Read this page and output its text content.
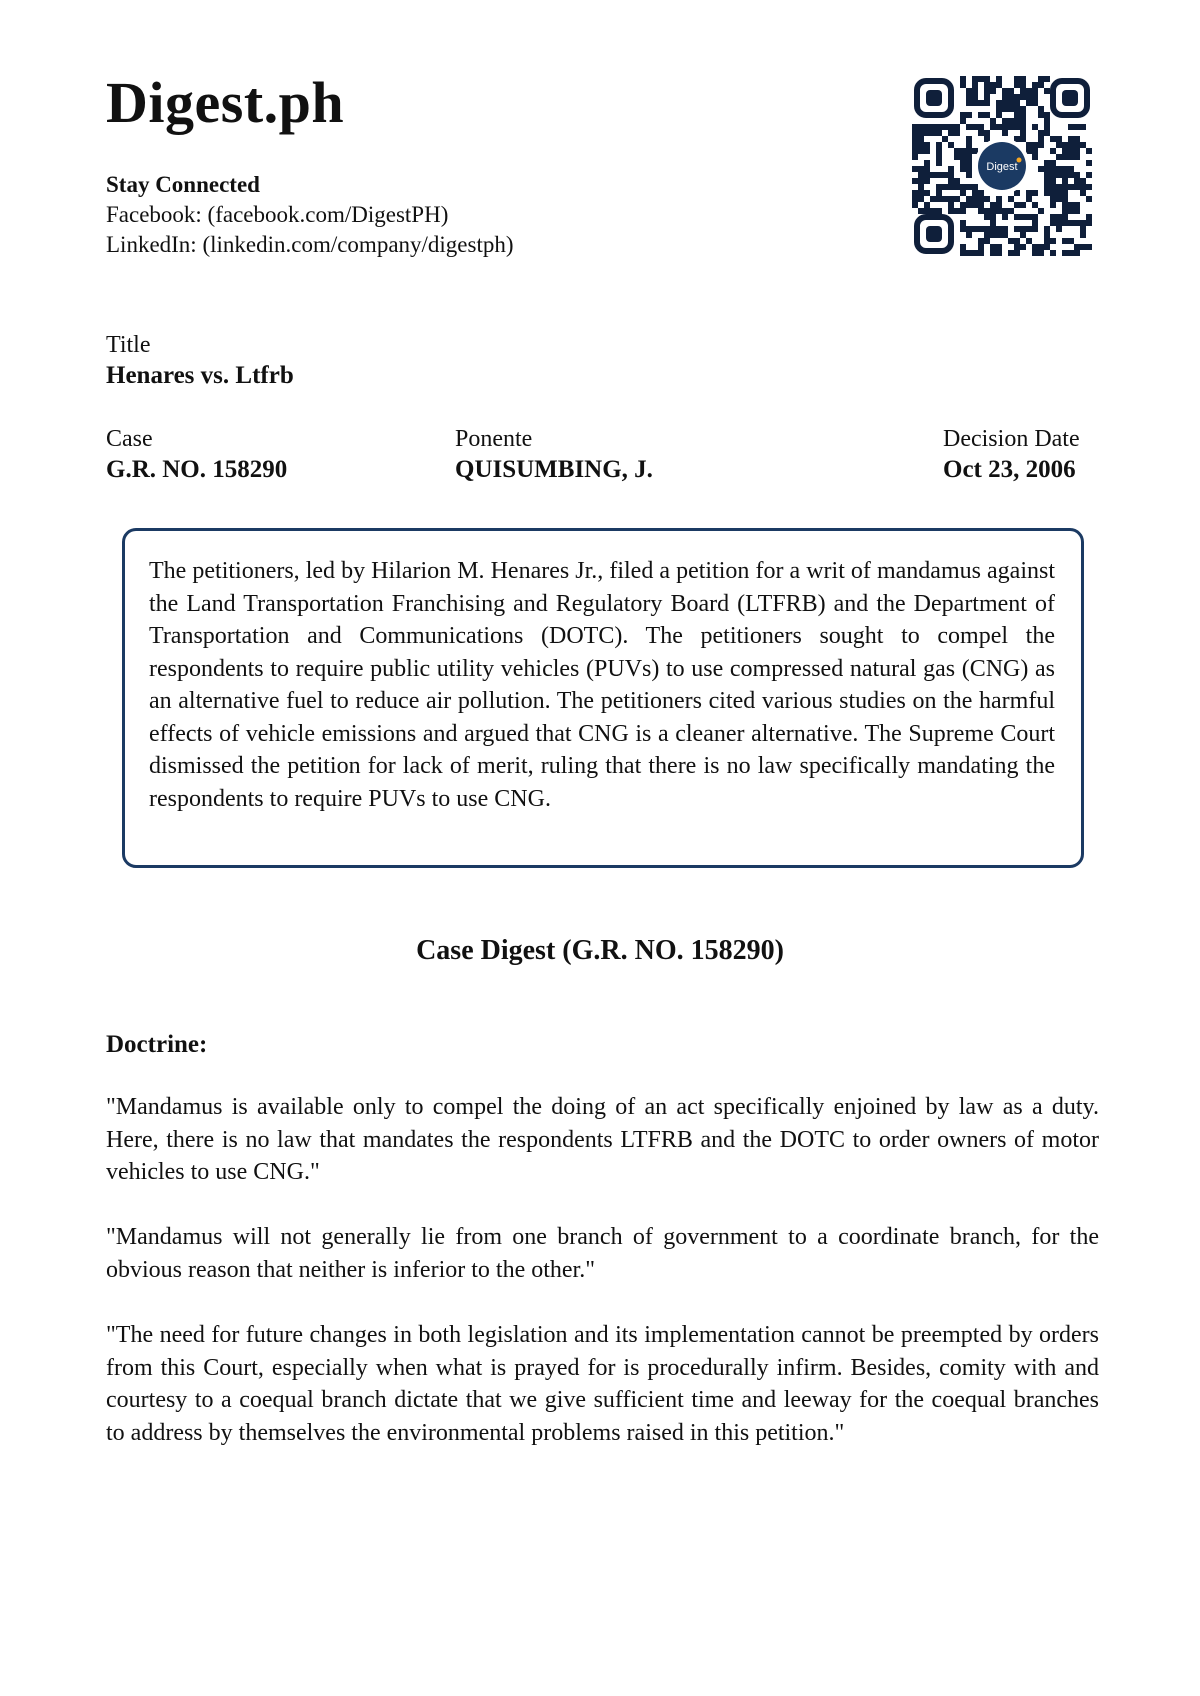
Digest.ph
Stay Connected
Facebook: (facebook.com/DigestPH)
LinkedIn: (linkedin.com/company/digestph)
Digest
Title
Henares vs. Ltfrb
Case
G.R. NO. 158290
Ponente
QUISUMBING, J.
Decision Date
Oct 23, 2006

The petitioners, led by Hilarion M. Henares Jr., filed a petition for a writ of mandamus against the Land Transportation Franchising and Regulatory Board (LTFRB) and the Department of Transportation and Communications (DOTC). The petitioners sought to compel the respondents to require public utility vehicles (PUVs) to use compressed natural gas (CNG) as an alternative fuel to reduce air pollution. The petitioners cited various studies on the harmful effects of vehicle emissions and argued that CNG is a cleaner alternative. The Supreme Court dismissed the petition for lack of merit, ruling that there is no law specifically mandating the respondents to require PUVs to use CNG.

Case Digest (G.R. NO. 158290)
Doctrine:

"Mandamus is available only to compel the doing of an act specifically enjoined by law as a duty. Here, there is no law that mandates the respondents LTFRB and the DOTC to order owners of motor vehicles to use CNG."

"Mandamus will not generally lie from one branch of government to a coordinate branch, for the obvious reason that neither is inferior to the other."

"The need for future changes in both legislation and its implementation cannot be preempted by orders from this Court, especially when what is prayed for is procedurally infirm. Besides, comity with and courtesy to a coequal branch dictate that we give sufficient time and leeway for the coequal branches to address by themselves the environmental problems raised in this petition."
